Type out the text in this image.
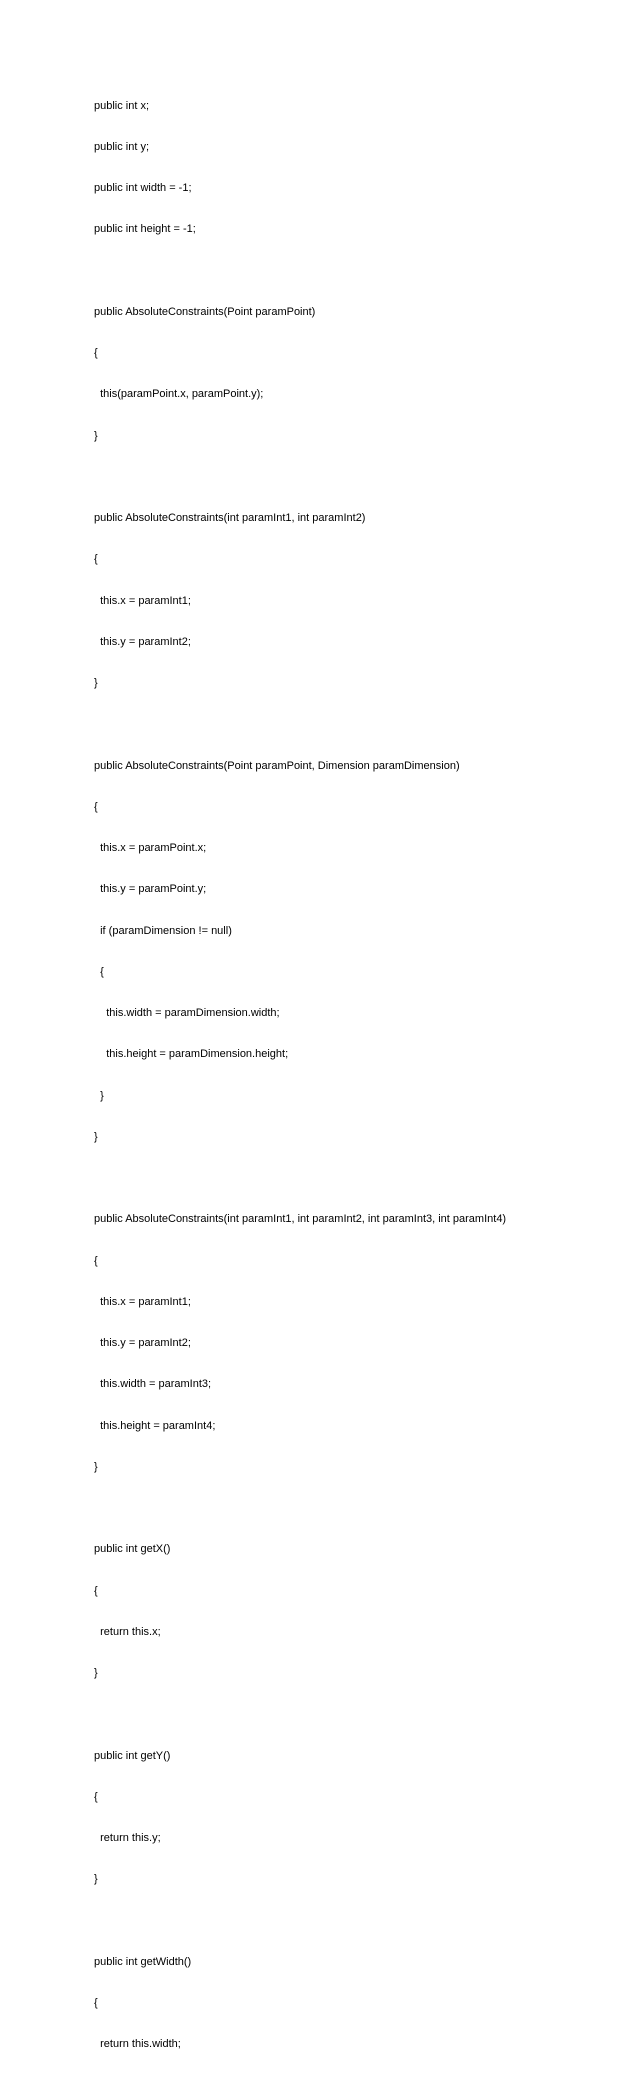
public int x;

public int y;

public int width = -1;

public int height = -1;

public AbsoluteConstraints(Point paramPoint)

{

this(paramPoint.x, paramPoint.y);

}

public AbsoluteConstraints(int paramInt1, int paramInt2)

{

this.x = paramInt1;

this.y = paramInt2;

}

public AbsoluteConstraints(Point paramPoint, Dimension paramDimension)

{

this.x = paramPoint.x;

this.y = paramPoint.y;

if (paramDimension != null)

{

this.width = paramDimension.width;

this.height = paramDimension.height;

}

}

public AbsoluteConstraints(int paramInt1, int paramInt2, int paramInt3, int paramInt4)

{

this.x = paramInt1;

this.y = paramInt2;

this.width = paramInt3;

this.height = paramInt4;

}

public int getX()

{

return this.x;

}

public int getY()

{

return this.y;

}

public int getWidth()

{

return this.width;
